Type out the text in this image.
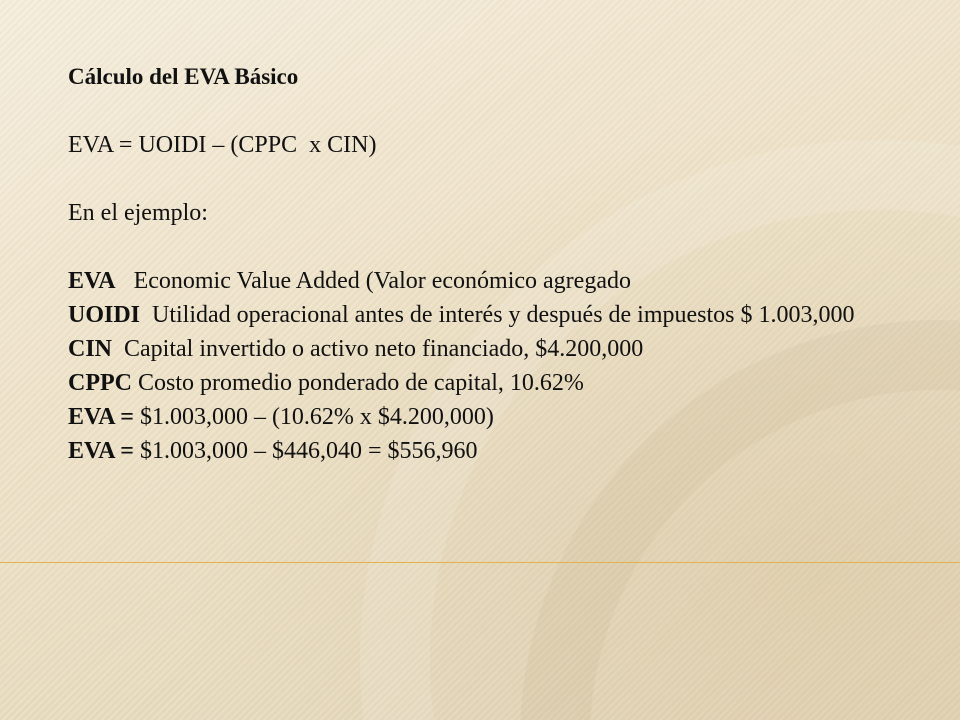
Cálculo del EVA Básico
EVA = UOIDI – (CPPC  x CIN)
En el ejemplo:
EVA   Economic Value Added (Valor económico agregado
UOIDI  Utilidad operacional antes de interés y después de impuestos $ 1.003,000
CIN  Capital invertido o activo neto financiado, $4.200,000
CPPC Costo promedio ponderado de capital, 10.62%
EVA = $1.003,000 – (10.62% x $4.200,000)
EVA = $1.003,000 – $446,040 = $556,960
